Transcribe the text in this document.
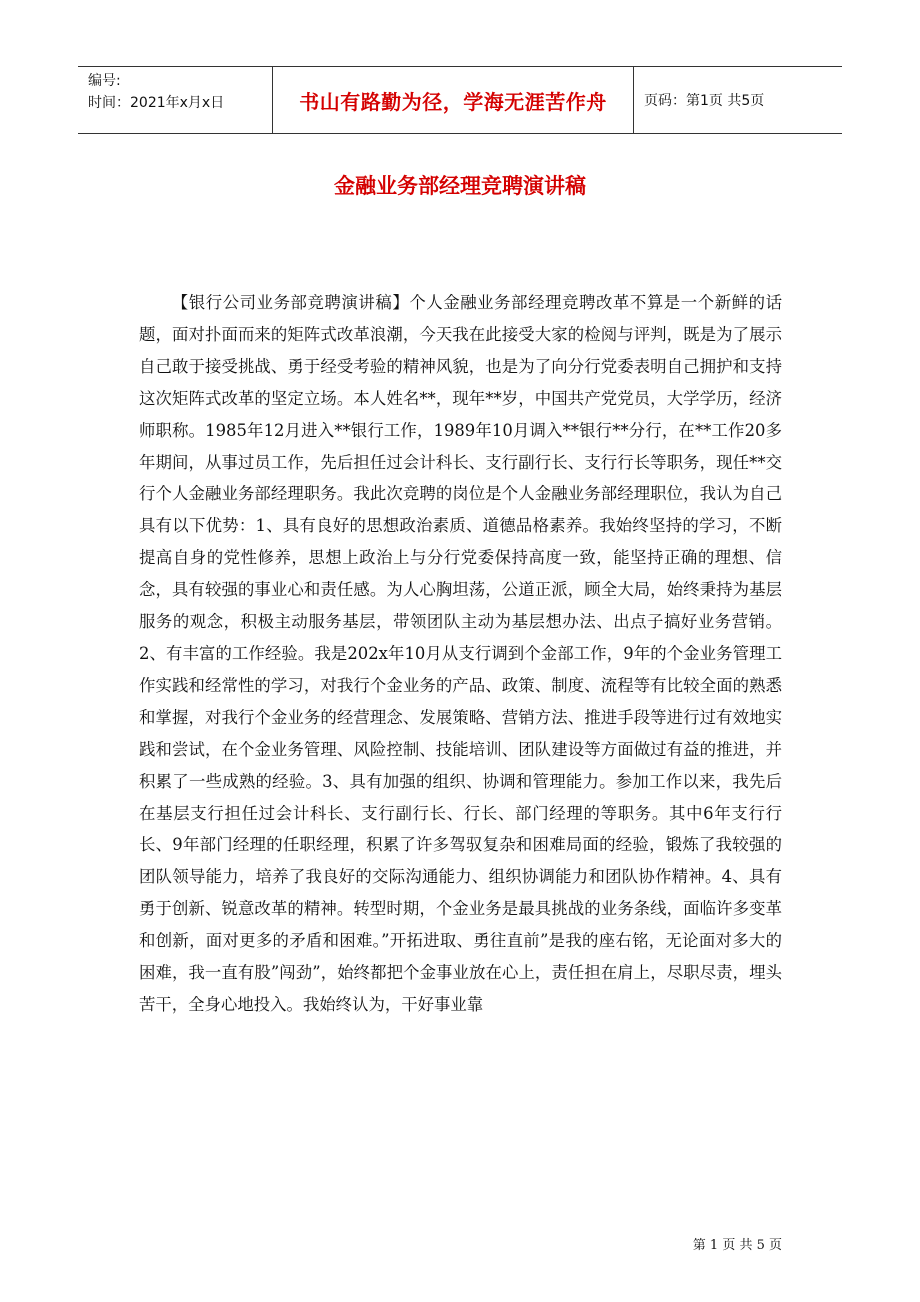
编号:
时间：2021年x月x日	书山有路勤为径，学海无涯苦作舟	页码：第1页 共5页
金融业务部经理竞聘演讲稿

【银行公司业务部竞聘演讲稿】个人金融业务部经理竞聘改革不算是一个新鲜的话题，面对扑面而来的矩阵式改革浪潮，今天我在此接受大家的检阅与评判，既是为了展示自己敢于接受挑战、勇于经受考验的精神风貌，也是为了向分行党委表明自己拥护和支持这次矩阵式改革的坚定立场。本人姓名**，现年**岁，中国共产党党员，大学学历，经济师职称。1985年12月进入**银行工作，1989年10月调入**银行**分行，在**工作20多年期间，从事过员工作，先后担任过会计科长、支行副行长、支行行长等职务，现任**交行个人金融业务部经理职务。我此次竞聘的岗位是个人金融业务部经理职位，我认为自己具有以下优势：1、具有良好的思想政治素质、道德品格素养。我始终坚持的学习，不断提高自身的党性修养，思想上政治上与分行党委保持高度一致，能坚持正确的理想、信念，具有较强的事业心和责任感。为人心胸坦荡，公道正派，顾全大局，始终秉持为基层服务的观念，积极主动服务基层，带领团队主动为基层想办法、出点子搞好业务营销。2、有丰富的工作经验。我是202x年10月从支行调到个金部工作，9年的个金业务管理工作实践和经常性的学习，对我行个金业务的产品、政策、制度、流程等有比较全面的熟悉和掌握，对我行个金业务的经营理念、发展策略、营销方法、推进手段等进行过有效地实践和尝试，在个金业务管理、风险控制、技能培训、团队建设等方面做过有益的推进，并积累了一些成熟的经验。3、具有加强的组织、协调和管理能力。参加工作以来，我先后在基层支行担任过会计科长、支行副行长、行长、部门经理的等职务。其中6年支行行长、9年部门经理的任职经理，积累了许多驾驭复杂和困难局面的经验，锻炼了我较强的团队领导能力，培养了我良好的交际沟通能力、组织协调能力和团队协作精神。4、具有勇于创新、锐意改革的精神。转型时期，个金业务是最具挑战的业务条线，面临许多变革和创新，面对更多的矛盾和困难。”开拓进取、勇往直前”是我的座右铭，无论面对多大的困难，我一直有股”闯劲”，始终都把个金事业放在心上，责任担在肩上，尽职尽责，埋头苦干，全身心地投入。我始终认为，干好事业靠

第 1 页 共 5 页
